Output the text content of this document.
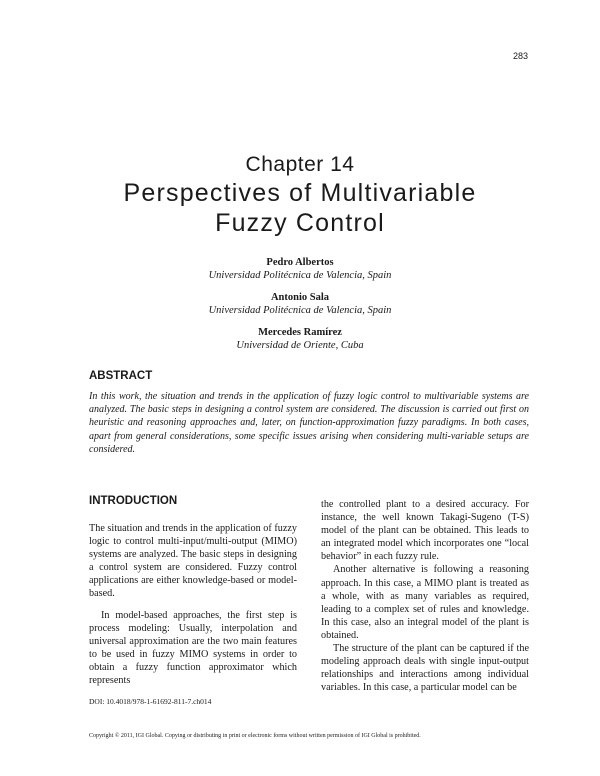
283
Chapter 14
Perspectives of Multivariable
Fuzzy Control
Pedro Albertos
Universidad Politécnica de Valencia, Spain
Antonio Sala
Universidad Politécnica de Valencia, Spain
Mercedes Ramírez
Universidad de Oriente, Cuba
ABSTRACT
In this work, the situation and trends in the application of fuzzy logic control to multivariable systems are analyzed. The basic steps in designing a control system are considered. The discussion is carried out first on heuristic and reasoning approaches and, later, on function-approximation fuzzy paradigms. In both cases, apart from general considerations, some specific issues arising when considering multi-variable setups are considered.
INTRODUCTION

The situation and trends in the application of fuzzy logic to control multi-input/multi-output (MIMO) systems are analyzed. The basic steps in designing a control system are considered. Fuzzy control applications are either knowledge-based or model-based.

In model-based approaches, the first step is process modeling: Usually, interpolation and universal approximation are the two main features to be used in fuzzy MIMO systems in order to obtain a fuzzy function approximator which represents

the controlled plant to a desired accuracy. For instance, the well known Takagi-Sugeno (T-S) model of the plant can be obtained. This leads to an integrated model which incorporates one “local behavior” in each fuzzy rule.

Another alternative is following a reasoning approach. In this case, a MIMO plant is treated as a whole, with as many variables as required, leading to a complex set of rules and knowledge. In this case, also an integral model of the plant is obtained.

The structure of the plant can be captured if the modeling approach deals with single input-output relationships and interactions among individual variables. In this case, a particular model can be

DOI: 10.4018/978-1-61692-811-7.ch014
Copyright © 2011, IGI Global. Copying or distributing in print or electronic forms without written permission of IGI Global is prohibited.
